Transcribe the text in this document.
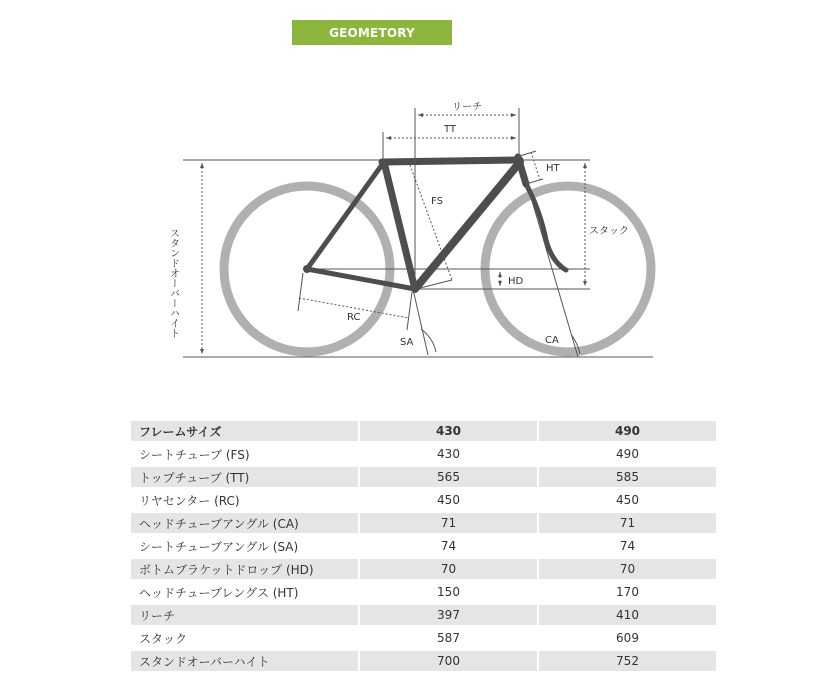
GEOMETORY
リーチ
TT
HT
FS
スタック
HD
RC
SA	CA
スタンドオーバーハイト
フレームサイズ	430	490
シートチューブ (FS)	430	490
トップチューブ (TT)	565	585
リヤセンター (RC)	450	450
ヘッドチューブアングル (CA)	71	71
シートチューブアングル (SA)	74	74
ボトムブラケットドロップ (HD)	70	70
ヘッドチューブレングス (HT)	150	170
リーチ	397	410
スタック	587	609
スタンドオーバーハイト	700	752
